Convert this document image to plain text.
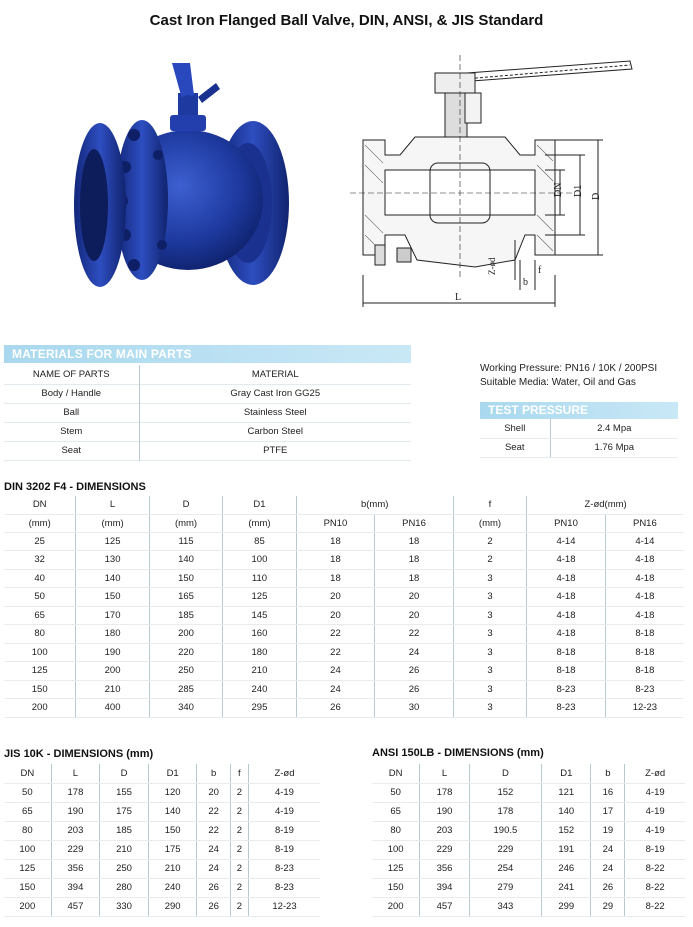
Cast Iron Flanged Ball Valve, DIN, ANSI, & JIS Standard
DN D1 D
L
b
f
Z-ød
MATERIALS FOR MAIN PARTS
NAME OF PARTS	MATERIAL
Body / Handle	Gray Cast Iron GG25
Ball	Stainless Steel
Stem	Carbon Steel
Seat	PTFE
Working Pressure: PN16 / 10K / 200PSI
Suitable Media: Water, Oil and Gas
TEST PRESSURE
Shell	2.4 Mpa
Seat	1.76 Mpa
DIN 3202 F4 - DIMENSIONS
DN	L	D	D1	b(mm)		f	Z-ød(mm)	
(mm)	(mm)	(mm)	(mm)	PN10	PN16	(mm)	PN10	PN16
25	125	115	85	18	18	2	4-14	4-14
32	130	140	100	18	18	2	4-18	4-18
40	140	150	110	18	18	3	4-18	4-18
50	150	165	125	20	20	3	4-18	4-18
65	170	185	145	20	20	3	4-18	4-18
80	180	200	160	22	22	3	4-18	8-18
100	190	220	180	22	24	3	8-18	8-18
125	200	250	210	24	26	3	8-18	8-18
150	210	285	240	24	26	3	8-23	8-23
200	400	340	295	26	30	3	8-23	12-23
JIS 10K - DIMENSIONS (mm)
DN	L	D	D1	b	f	Z-ød
50	178	155	120	20	2	4-19
65	190	175	140	22	2	4-19
80	203	185	150	22	2	8-19
100	229	210	175	24	2	8-19
125	356	250	210	24	2	8-23
150	394	280	240	26	2	8-23
200	457	330	290	26	2	12-23
ANSI 150LB - DIMENSIONS (mm)
DN	L	D	D1	b	Z-ød
50	178	152	121	16	4-19
65	190	178	140	17	4-19
80	203	190.5	152	19	4-19
100	229	229	191	24	8-19
125	356	254	246	24	8-22
150	394	279	241	26	8-22
200	457	343	299	29	8-22
